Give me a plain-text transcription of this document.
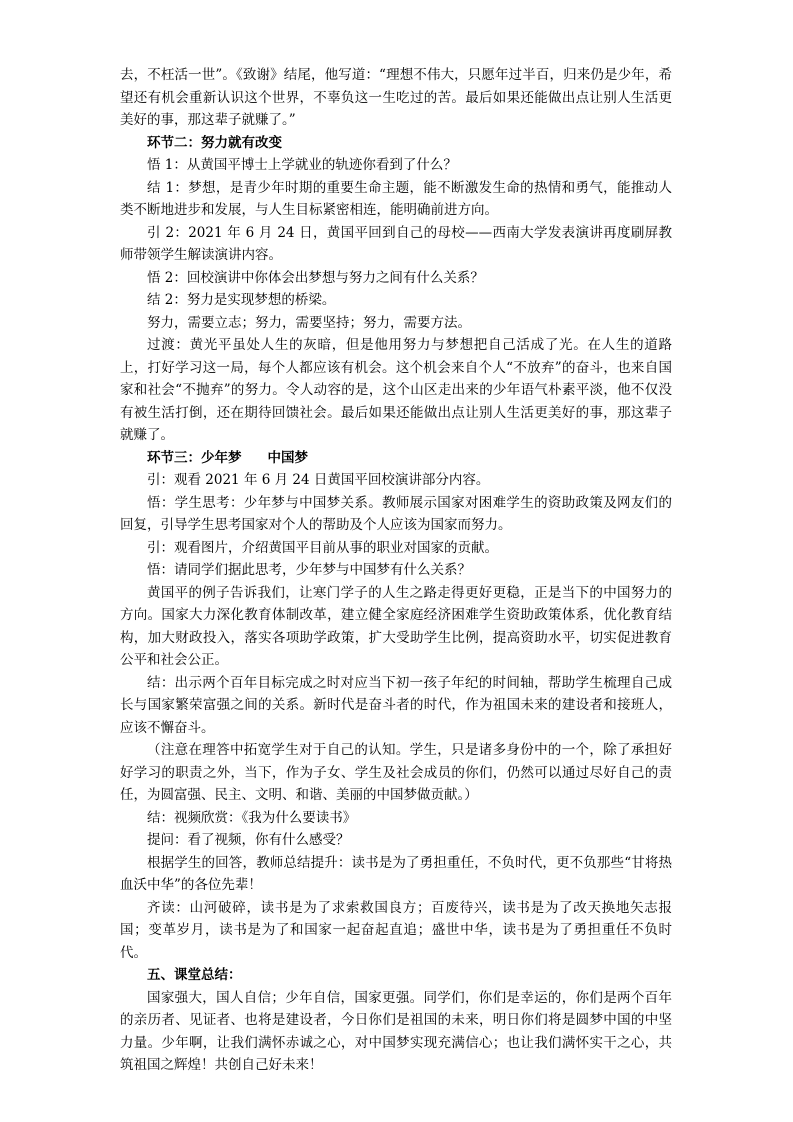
去，不枉活一世”。《致谢》结尾，他写道：“理想不伟大，只愿年过半百，归来仍是少年，希望还有机会重新认识这个世界，不辜负这一生吃过的苦。最后如果还能做出点让别人生活更美好的事，那这辈子就赚了。”

环节二：努力就有改变

悟 1：从黄国平博士上学就业的轨迹你看到了什么？

结 1：梦想，是青少年时期的重要生命主题，能不断激发生命的热情和勇气，能推动人类不断地进步和发展，与人生目标紧密相连，能明确前进方向。

引 2：2021 年 6 月 24 日，黄国平回到自己的母校——西南大学发表演讲再度刷屏教师带领学生解读演讲内容。

悟 2：回校演讲中你体会出梦想与努力之间有什么关系？

结 2：努力是实现梦想的桥梁。

努力，需要立志；努力，需要坚持；努力，需要方法。

过渡：黄光平虽处人生的灰暗，但是他用努力与梦想把自己活成了光。在人生的道路上，打好学习这一局，每个人都应该有机会。这个机会来自个人“不放弃”的奋斗，也来自国家和社会“不抛弃”的努力。令人动容的是，这个山区走出来的少年语气朴素平淡，他不仅没有被生活打倒，还在期待回馈社会。最后如果还能做出点让别人生活更美好的事，那这辈子就赚了。

环节三：少年梦 中国梦

引：观看 2021 年 6 月 24 日黄国平回校演讲部分内容。

悟：学生思考：少年梦与中国梦关系。教师展示国家对困难学生的资助政策及网友们的回复，引导学生思考国家对个人的帮助及个人应该为国家而努力。

引：观看图片，介绍黄国平目前从事的职业对国家的贡献。

悟：请同学们据此思考，少年梦与中国梦有什么关系？

黄国平的例子告诉我们，让寒门学子的人生之路走得更好更稳，正是当下的中国努力的方向。国家大力深化教育体制改革，建立健全家庭经济困难学生资助政策体系，优化教育结构，加大财政投入，落实各项助学政策，扩大受助学生比例，提高资助水平，切实促进教育公平和社会公正。

结：出示两个百年目标完成之时对应当下初一孩子年纪的时间轴，帮助学生梳理自己成长与国家繁荣富强之间的关系。新时代是奋斗者的时代，作为祖国未来的建设者和接班人，应该不懈奋斗。

（注意在理答中拓宽学生对于自己的认知。学生，只是诸多身份中的一个，除了承担好好学习的职责之外，当下，作为子女、学生及社会成员的你们，仍然可以通过尽好自己的责任，为圆富强、民主、文明、和谐、美丽的中国梦做贡献。）

结：视频欣赏：《我为什么要读书》

提问：看了视频，你有什么感受？

根据学生的回答，教师总结提升：读书是为了勇担重任，不负时代，更不负那些“甘将热血沃中华”的各位先辈！

齐读：山河破碎，读书是为了求索救国良方；百废待兴，读书是为了改天换地矢志报国；变革岁月，读书是为了和国家一起奋起直追；盛世中华，读书是为了勇担重任不负时代。

五、课堂总结：

国家强大，国人自信；少年自信，国家更强。同学们，你们是幸运的，你们是两个百年的亲历者、见证者、也将是建设者，今日你们是祖国的未来，明日你们将是圆梦中国的中坚力量。少年啊，让我们满怀赤诚之心，对中国梦实现充满信心；也让我们满怀实干之心，共筑祖国之辉煌！共创自己好未来！
